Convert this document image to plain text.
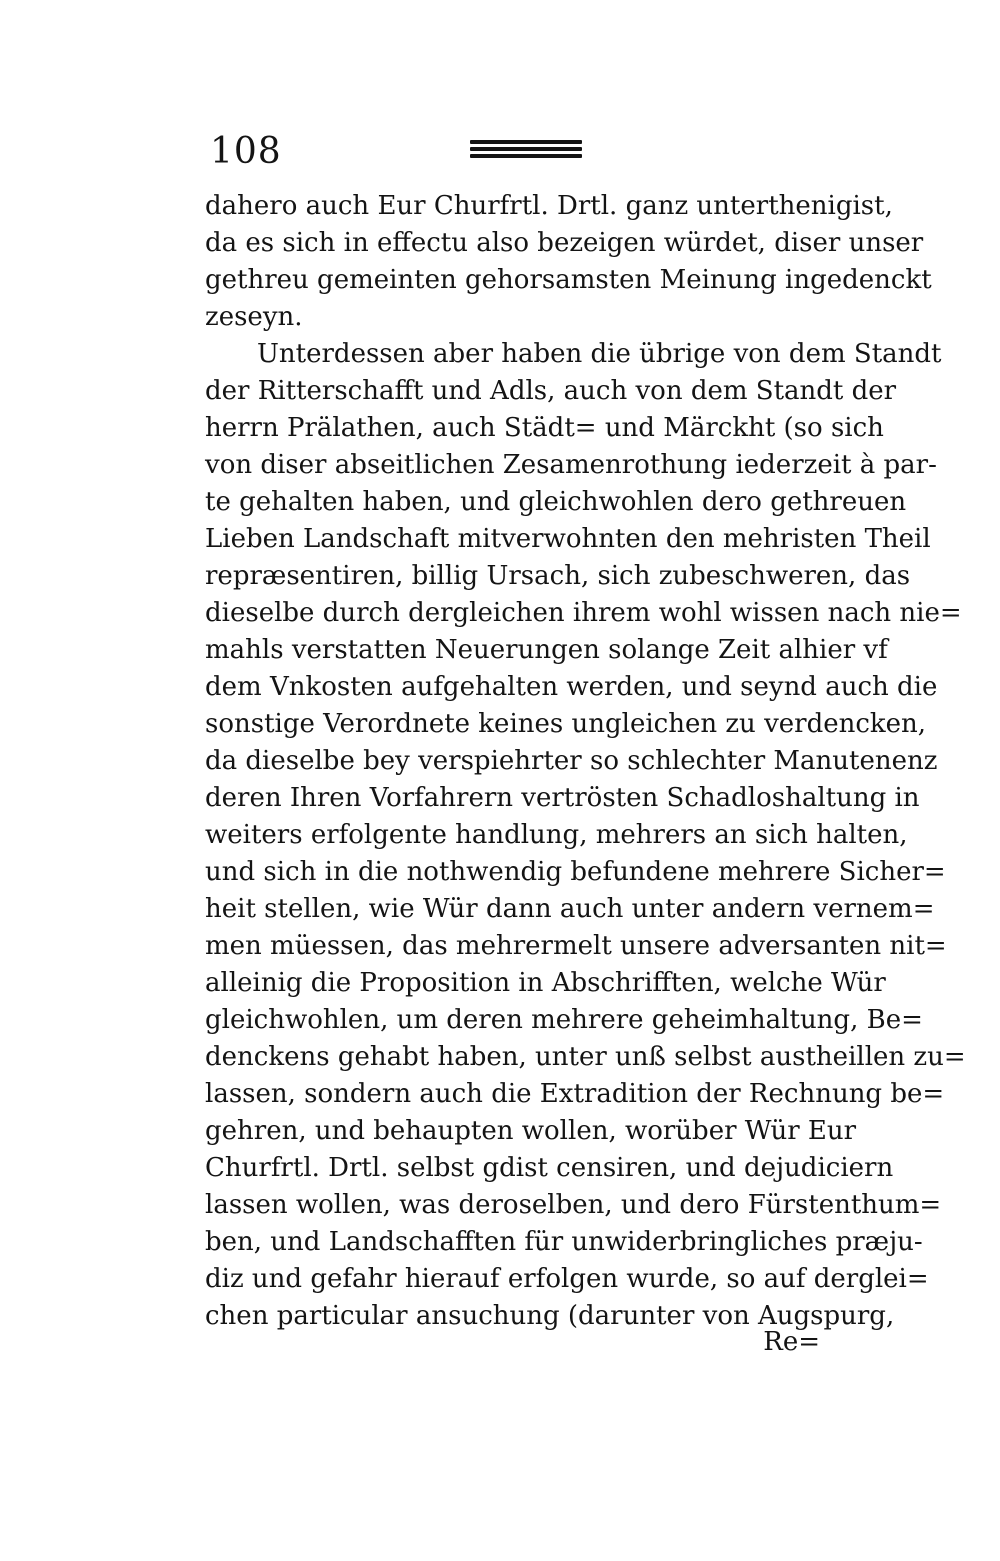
108
dahero auch Eur Churfrtl. Drtl. ganz unterthenigist,
da es sich in effectu also bezeigen würdet, diser unser
gethreu gemeinten gehorsamsten Meinung ingedenckt
zeseyn.
Unterdessen aber haben die übrige von dem Standt
der Ritterschafft und Adls, auch von dem Standt der
herrn Prälathen, auch Städt= und Märckht (so sich
von diser abseitlichen Zesamenrothung iederzeit à par-
te gehalten haben, und gleichwohlen dero gethreuen
Lieben Landschaft mitverwohnten den mehristen Theil
repræsentiren, billig Ursach, sich zubeschweren, das
dieselbe durch dergleichen ihrem wohl wissen nach nie=
mahls verstatten Neuerungen solange Zeit alhier vf
dem Vnkosten aufgehalten werden, und seynd auch die
sonstige Verordnete keines ungleichen zu verdencken,
da dieselbe bey verspiehrter so schlechter Manutenenz
deren Ihren Vorfahrern vertrösten Schadloshaltung in
weiters erfolgente handlung, mehrers an sich halten,
und sich in die nothwendig befundene mehrere Sicher=
heit stellen, wie Wür dann auch unter andern vernem=
men müessen, das mehrermelt unsere adversanten nit=
alleinig die Proposition in Abschrifften, welche Wür
gleichwohlen, um deren mehrere geheimhaltung, Be=
denckens gehabt haben, unter unß selbst austheillen zu=
lassen, sondern auch die Extradition der Rechnung be=
gehren, und behaupten wollen, worüber Wür Eur
Churfrtl. Drtl. selbst gdist censiren, und dejudiciern
lassen wollen, was deroselben, und dero Fürstenthum=
ben, und Landschafften für unwiderbringliches præju-
diz und gefahr hierauf erfolgen wurde, so auf derglei=
chen particular ansuchung (darunter von Augspurg,
Re=
